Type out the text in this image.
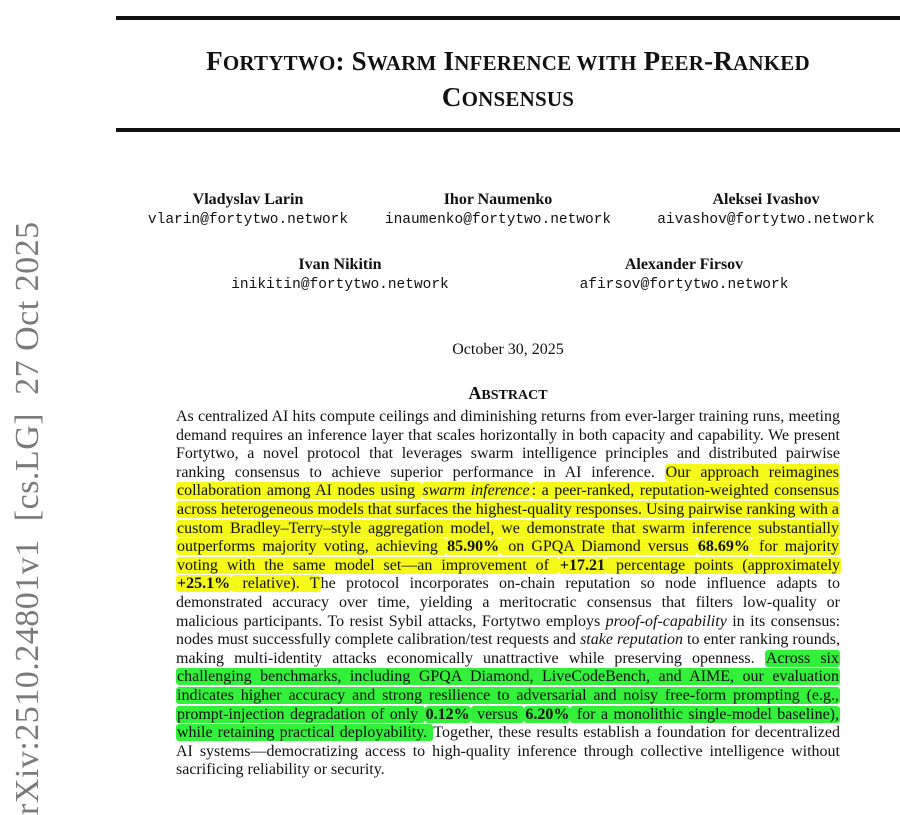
FORTYTWO: SWARM INFERENCE WITH PEER-RANKED
CONSENSUS
Vladyslav Larin
vlarin@fortytwo.network
Ihor Naumenko
inaumenko@fortytwo.network
Aleksei Ivashov
aivashov@fortytwo.network
Ivan Nikitin
inikitin@fortytwo.network
Alexander Firsov
afirsov@fortytwo.network
October 30, 2025
ABSTRACT
As centralized AI hits compute ceilings and diminishing returns from ever-larger training runs, meeting demand requires an inference layer that scales horizontally in both capacity and capability. We present Fortytwo, a novel protocol that leverages swarm intelligence principles and distributed pairwise ranking consensus to achieve superior performance in AI inference. Our approach reimagines collaboration among AI nodes using swarm inference : a peer-ranked, reputation-weighted consensus across heterogeneous models that surfaces the highest-quality responses. Using pairwise ranking with a custom Bradley–Terry–style aggregation model, we demonstrate that swarm inference substantially outperforms majority voting, achieving 85.90% on GPQA Diamond versus 68.69% for majority voting with the same model set—an improvement of +17.21 percentage points (approximately +25.1% relative). The protocol incorporates on-chain reputation so node influence adapts to demonstrated accuracy over time, yielding a meritocratic consensus that filters low-quality or malicious participants. To resist Sybil attacks, Fortytwo employs proof-of-capability in its consensus: nodes must successfully complete calibration/test requests and stake reputation to enter ranking rounds, making multi-identity attacks economically unattractive while preserving openness. Across six challenging benchmarks, including GPQA Diamond, LiveCodeBench, and AIME, our evaluation indicates higher accuracy and strong resilience to adversarial and noisy free-form prompting (e.g., prompt-injection degradation of only 0.12% versus 6.20% for a monolithic single-model baseline), while retaining practical deployability. Together, these results establish a foundation for decentralized AI systems—democratizing access to high-quality inference through collective intelligence without sacrificing reliability or security.
rXiv:2510.24801v1  [cs.LG]  27 Oct 2025
